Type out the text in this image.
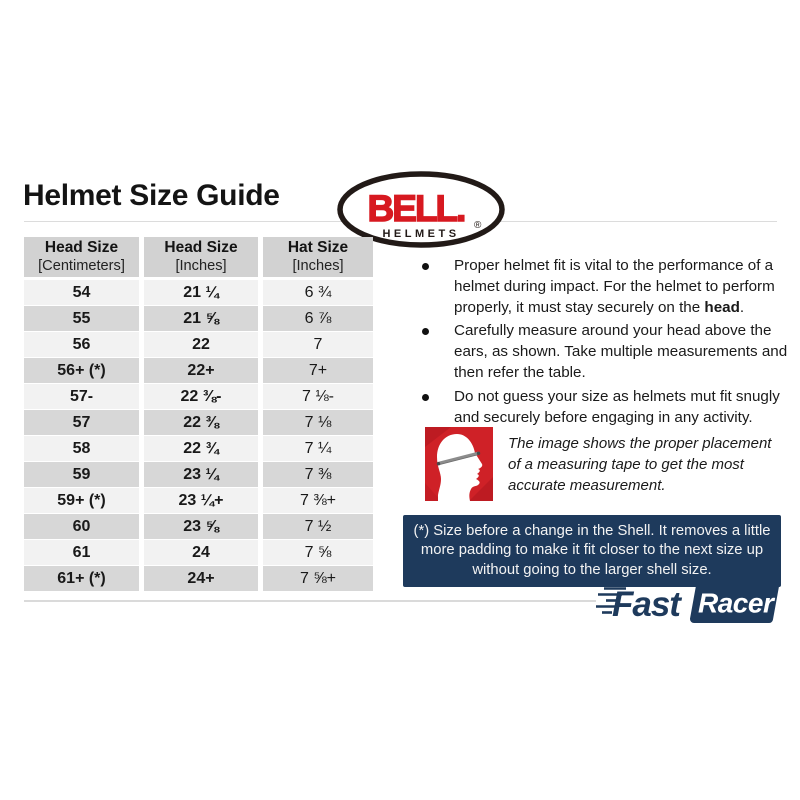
Helmet Size Guide BELL. ®
HELMETS
Head Size
[Centimeters]
Head Size
[Inches]
Hat Size
[Inches]
54	21 ¼	6 ¾
55	21 ⅝	6 ⅞
56	22	7
56+ (*)	22+	7+
57-	22 ⅜-	7 ⅛-
57	22 ⅜	7 ⅛
58	22 ¾	7 ¼
59	23 ¼	7 ⅜
59+ (*)	23 ¼+	7 ⅜+
60	23 ⅝	7 ½
61	24	7 ⅝
61+ (*)	24+	7 ⅝+
Proper helmet fit is vital to the performance of a helmet during impact. For the helmet to perform properly, it must stay securely on the head.
Carefully measure around your head above the ears, as shown. Take multiple measurements and then refer the table.
Do not guess your size as helmets mut fit snugly and securely before engaging in any activity.

The image shows the proper placement of a measuring tape to get the most accurate measurement.

(*) Size before a change in the Shell. It removes a little more padding to make it fit closer to the next size up without going to the larger shell size.

Fast Racer
